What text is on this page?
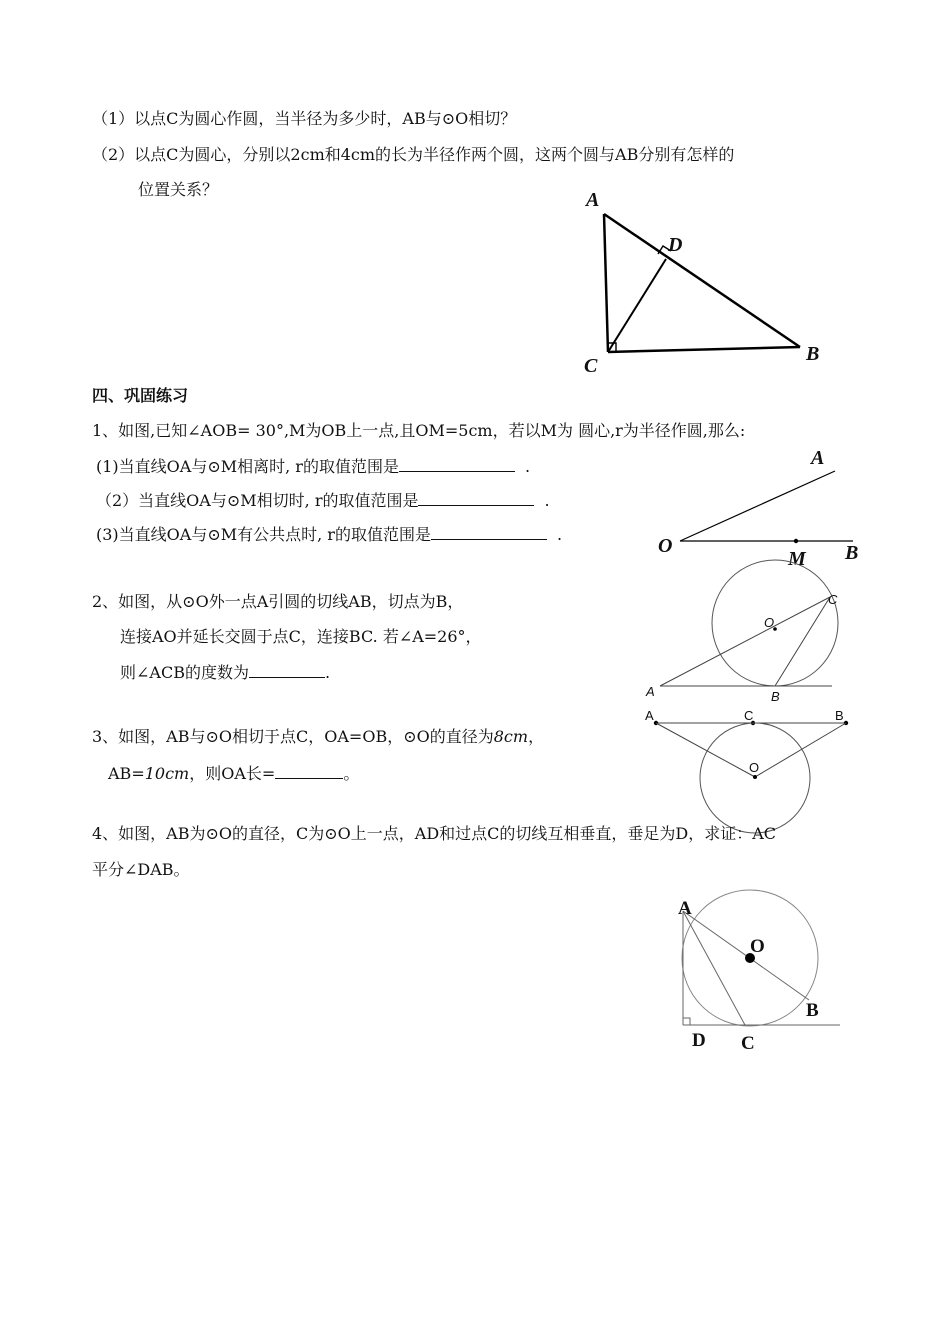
（1）以点C为圆心作圆，当半径为多少时，AB与⊙O相切？
（2）以点C为圆心，分别以2cm和4cm的长为半径作两个圆，这两个圆与AB分别有怎样的
位置关系？	A
D
C
B
四、巩固练习
1、如图,已知∠AOB= 30°,M为OB上一点,且OM=5cm，若以M为 圆心,r为半径作圆,那么:
(1)当直线OA与⊙M相离时, r的取值范围是	.
（2）当直线OA与⊙M相切时, r的取值范围是	.
(3)当直线OA与⊙M有公共点时, r的取值范围是	.
O
A
M B
2、如图，从⊙O外一点A引圆的切线AB，切点为B，
连接AO并延长交圆于点C，连接BC. 若∠A=26°，
则∠ACB的度数为	.
O
C
A	B
3、如图，AB与⊙O相切于点C，OA=OB，⊙O的直径为8cm，
AB=10cm，则OA长=	。
A	C	B
O
4、如图，AB为⊙O的直径，C为⊙O上一点，AD和过点C的切线互相垂直，垂足为D，求证：AC
平分∠DAB。
A
O
B
D C
